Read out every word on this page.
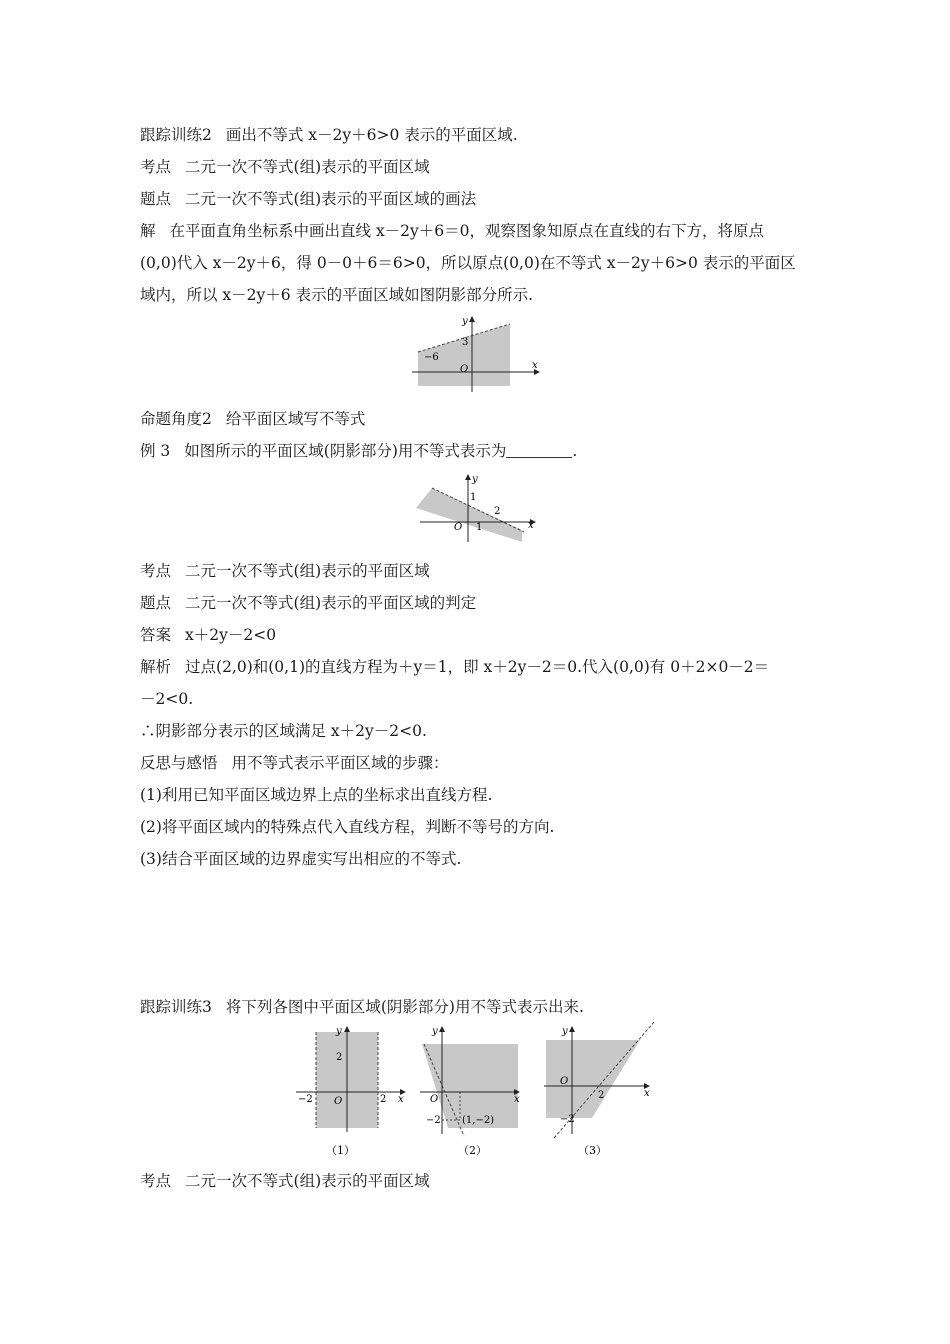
跟踪训练2 画出不等式 x－2y＋6>0 表示的平面区域.
考点 二元一次不等式(组)表示的平面区域
题点 二元一次不等式(组)表示的平面区域的画法
解 在平面直角坐标系中画出直线 x－2y＋6＝0，观察图象知原点在直线的右下方，将原点
(0,0)代入 x－2y＋6，得 0－0＋6＝6>0，所以原点(0,0)在不等式 x－2y＋6>0 表示的平面区
域内，所以 x－2y＋6 表示的平面区域如图阴影部分所示.
y
x
O
−6
3
命题角度2 给平面区域写不等式
例 3 如图所示的平面区域(阴影部分)用不等式表示为	.
y
x
O
1
1
2
考点 二元一次不等式(组)表示的平面区域
题点 二元一次不等式(组)表示的平面区域的判定
答案 x＋2y－2<0
解析 过点(2,0)和(0,1)的直线方程为＋y＝1，即 x＋2y－2＝0.代入(0,0)有 0＋2×0－2＝
－2<0.
∴阴影部分表示的区域满足 x＋2y－2<0.
反思与感悟 用不等式表示平面区域的步骤：
(1)利用已知平面区域边界上点的坐标求出直线方程.
(2)将平面区域内的特殊点代入直线方程，判断不等号的方向.
(3)结合平面区域的边界虚实写出相应的不等式.
跟踪训练3 将下列各图中平面区域(阴影部分)用不等式表示出来.
y
x
O
−2	2
2
（1）
y
x
O
−2 (1,−2)
（2）
y
x
O
2
−2
（3）
考点 二元一次不等式(组)表示的平面区域
